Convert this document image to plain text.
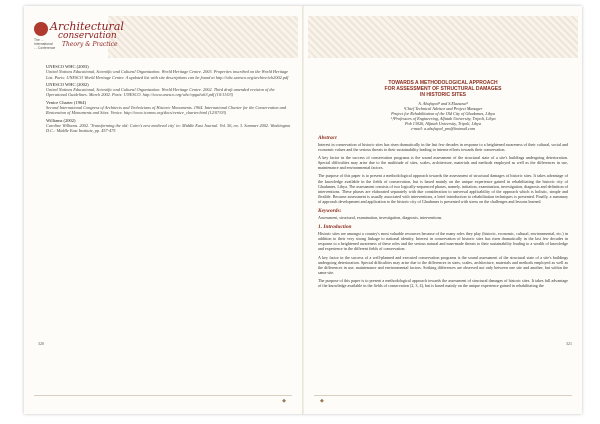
The ... International ... Conference
Architectural
conservation
Theory & Practice
UNESCO WHC (2003)
United Nations Educational, Scientific and Cultural Organization. World Heritage Centre. 2003. Properties inscribed on the World Heritage List. Paris: UNESCO World Heritage Centre. A updated list with site descriptions can be found at http://whc.unesco.org/archive/wh2002.pdf
UNESCO WHC (2002)
United Nations Educational, Scientific and Cultural Organization. World Heritage Centre. 2002. Third draft amended revision of the Operational Guidelines. March 2002. Paris: UNESCO. http://www.unesco.org/whc/opgulwh3.pdf (10/11/03)
Venice Charter (1964)
Second International Congress of Architects and Technicians of Historic Monuments. 1964. International Charter for the Conservation and Restoration of Monuments and Sites. Venice. http://www.icomos.org/docs/venice_charter.html (12/07/03)
Williams (2002)
Caroline Williams. 2002. 'Transforming the old: Cairo's new medieval city' in: Middle East Journal. Vol. 56, no. 3. Summer 2002. Washington D.C.: Middle East Institute, pp. 457-475
320
◆
TOWARDS A METHODOLOGICAL APPROACH
FOR ASSESSMENT OF STRUCTURAL DAMAGES
IN HISTORIC SITES
A. Abufayed¹ and S.Elazzawi²
¹Chief Technical Advisor and Project Manager
Project for Rehabilitation of the Old City of Ghadames, Libya
¹,²Professors of Engineering, Alfatah University, Tripoli, Libya
Pob 13026, Alfatah University, Tripoli, Libya
e-mail: a.abufayed_pro@hotmail.com
Abstract
Interest in conservation of historic sites has risen dramatically in the last few decades in response to a heightened awareness of their cultural, social and economic values and the serious threats to their sustainability leading to intense efforts towards their conservation.
A key factor in the success of conservation programs is the sound assessment of the structural state of a site's buildings undergoing deterioration. Special difficulties may arise due to the multitude of sites, scales, architecture, materials and methods employed as well as the differences in use, maintenance and environmental factors.
The purpose of this paper is to present a methodological approach towards the assessment of structural damages of historic sites. It takes advantage of the knowledge available in the fields of conservation, but is based mainly on the unique experience gained in rehabilitating the historic city of Ghadames, Libya. The assessment consists of two logically-sequenced phases, namely, initiation, examination, investigation, diagnosis and definition of interventions. These phases are elaborated separately with due consideration to universal applicability of the approach which is holistic, simple and flexible. Because assessment is usually associated with interventions, a brief introduction to rehabilitation techniques is presented. Finally, a summary of approach development and application to the historic city of Ghadames is presented with stress on the challenges and lessons learned.
Keywords:
Assessment, structural, examination, investigation, diagnosis, interventions.
1. Introduction
Historic sites are amongst a country's most valuable resources because of the many roles they play (historic, economic, cultural, environmental, etc.) in addition to their very strong linkage to national identity. Interest in conservation of historic sites has risen dramatically in the last few decades in response to a heightened awareness of these roles and the serious natural and man-made threats to their sustainability leading to a wealth of knowledge and experience in the different fields of conservation.
A key factor in the success of a well-planned and executed conservation programs is the sound assessment of the structural state of a site's buildings undergoing deterioration. Special difficulties may arise due to the differences in sizes, scales, architecture, materials and methods employed as well as the differences in use, maintenance and environmental factors. Striking differences are observed not only between one site and another, but within the same site.
The purpose of this paper is to present a methodological approach towards the assessment of structural damages of historic sites. It takes full advantage of the knowledge available in the fields of conservation (2, 3, 4), but is based mainly on the unique experience gained in rehabilitating the
321
◆
